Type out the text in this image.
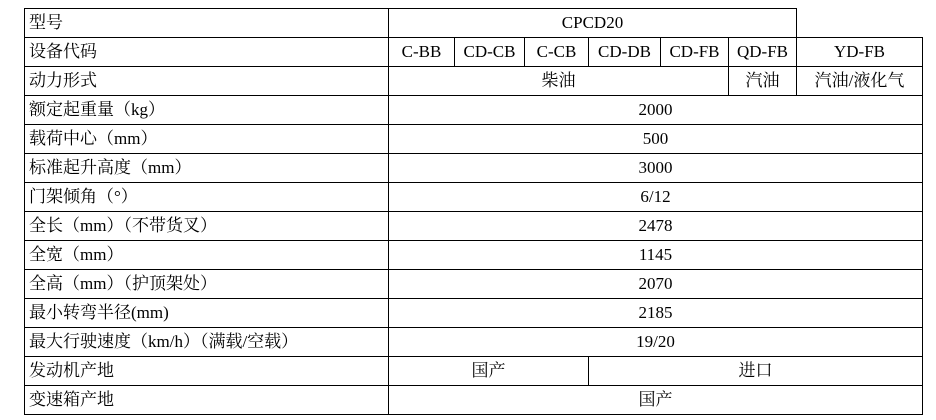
型号	CPCD20						
设备代码	C-BB	CD-CB	C-CB	CD-DB	CD-FB	QD-FB	YD-FB
动力形式	柴油					汽油	汽油/液化气
额定起重量（kg）	2000						
载荷中心（mm）	500						
标准起升高度（mm）	3000						
门架倾角（°）	6/12						
全长（mm）（不带货叉）	2478						
全宽（mm）	1145						
全高（mm）（护顶架处）	2070						
最小转弯半径(mm)	2185						
最大行驶速度（km/h）（满载/空载）	19/20						
发动机产地	国产			进口			
变速箱产地	国产						
